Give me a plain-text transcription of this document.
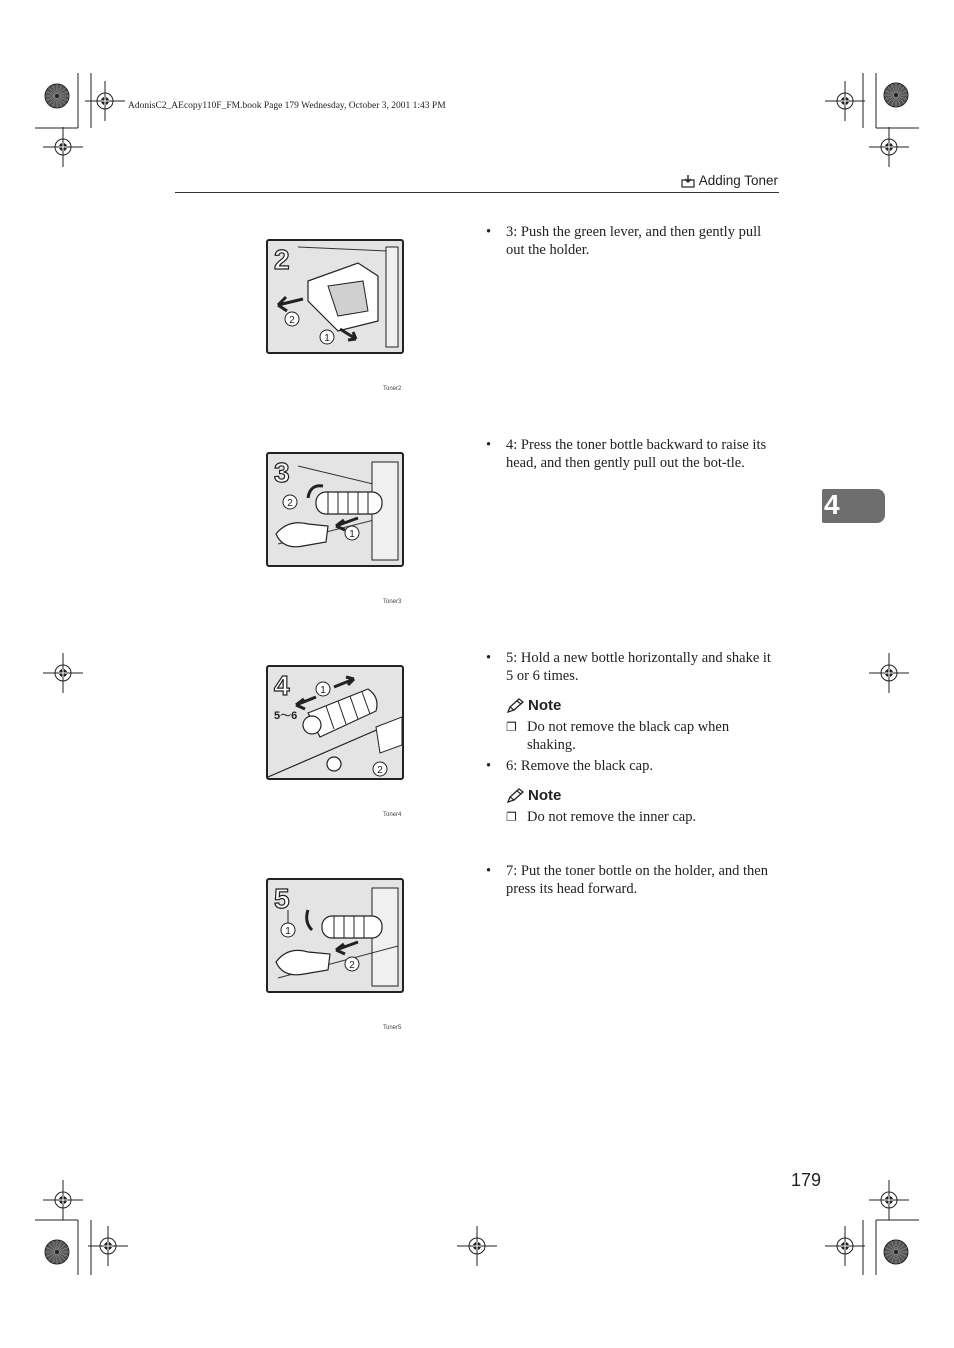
AdonisC2_AEcopy110F_FM.book Page 179 Wednesday, October 3, 2001 1:43 PM
Adding Toner
4
2
2
1
Toner2
3
2
1
Toner3
4
5～6
1
2
Toner4
5
1
2
Toner5
•	3: Push the green lever, and then gently pull out the holder.
•	4: Press the toner bottle backward to raise its head, and then gently pull out the bot-tle.
•	5: Hold a new bottle horizontally and shake it 5 or 6 times.
Note
❐ Do not remove the black cap when shaking.
•	6: Remove the black cap.
Note
❐ Do not remove the inner cap.
•	7: Put the toner bottle on the holder, and then press its head forward.
179
